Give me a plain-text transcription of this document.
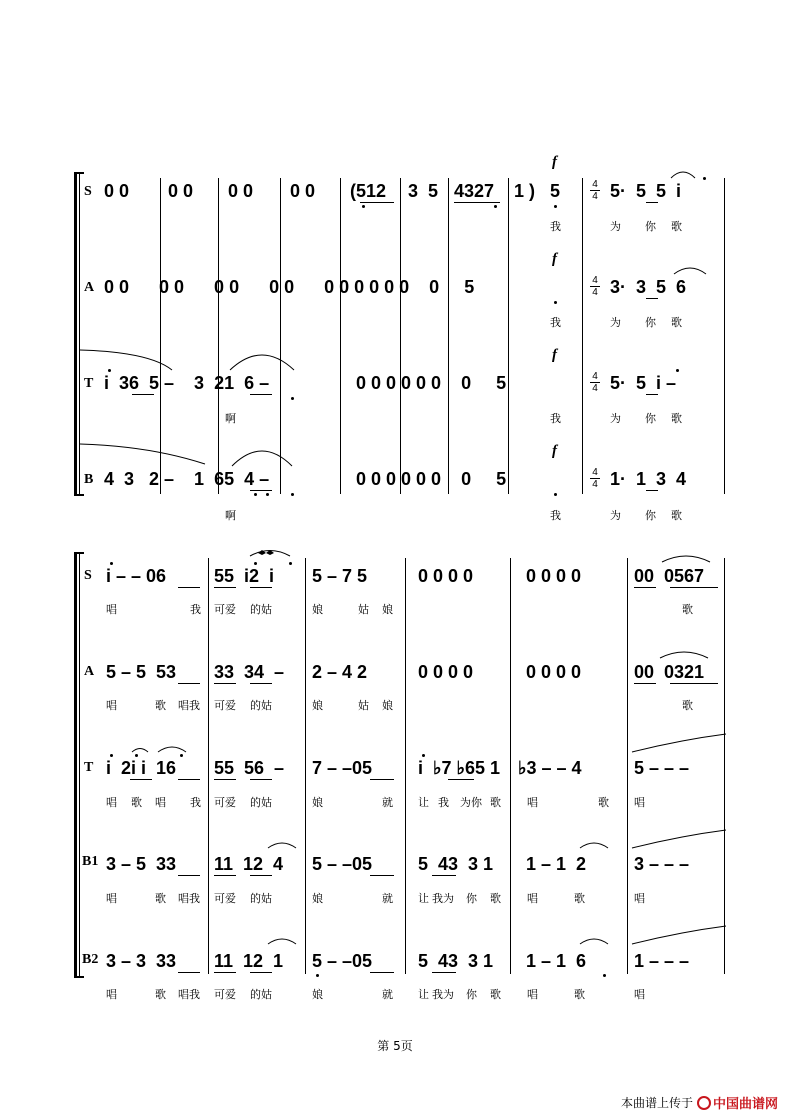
S
A
T
B
0 0 0 0 0 0 0 0 (512 3  5 4327 1 ) 5	5·  5  5  i
0 0      0 0      0 0      0 0      0 0 0 0 0 0    0     5	3·  3  5  6
i  36  5 –    3  21  6 –	0 0 0 0 0 0    0     5	5·  5  i –
4  3   2 –    1  65  4 –	0 0 0 0 0 0    0     5	1·  1  3  4
4
4
4
4
4
4
4
4
f
f
f
f
我	为 你 歌
我	为 你 歌
啊	我	为 你 歌
啊	我	为 你 歌
S
A
T
B1
B2
i – – 06	55  i2  i 5 – 7 5	0 0 0 0	0 0 0 0	00  0567
5 – 5  53 33  34  – 2 – 4 2	0 0 0 0	0 0 0 0	00  0321
i  2i i  16 55  56  – 7 – –05	i  ♭7 ♭65 1 ♭3 – – 4	5 – – –
3 – 5  33 11  12  4 5 – –05	5  43  3 1 1 – 1  2	3 – – –
3 – 3  33 11  12  1 5 – –05	5  43  3 1 1 – 1  6	1 – – –
唱	我 可爱 的姑	娘	姑 娘	歌
唱	歌 唱我 可爱 的姑	娘	姑 娘	歌
唱 歌 唱 我 可爱 的姑	娘	就 让 我 为你 歌 唱	歌 唱
唱	歌 唱我 可爱 的姑	娘	就 让 我为 你 歌 唱	歌	唱
唱	歌 唱我 可爱 的姑	娘	就 让 我为 你 歌 唱	歌	唱
第 5页
本曲谱上传于 中国曲谱网
